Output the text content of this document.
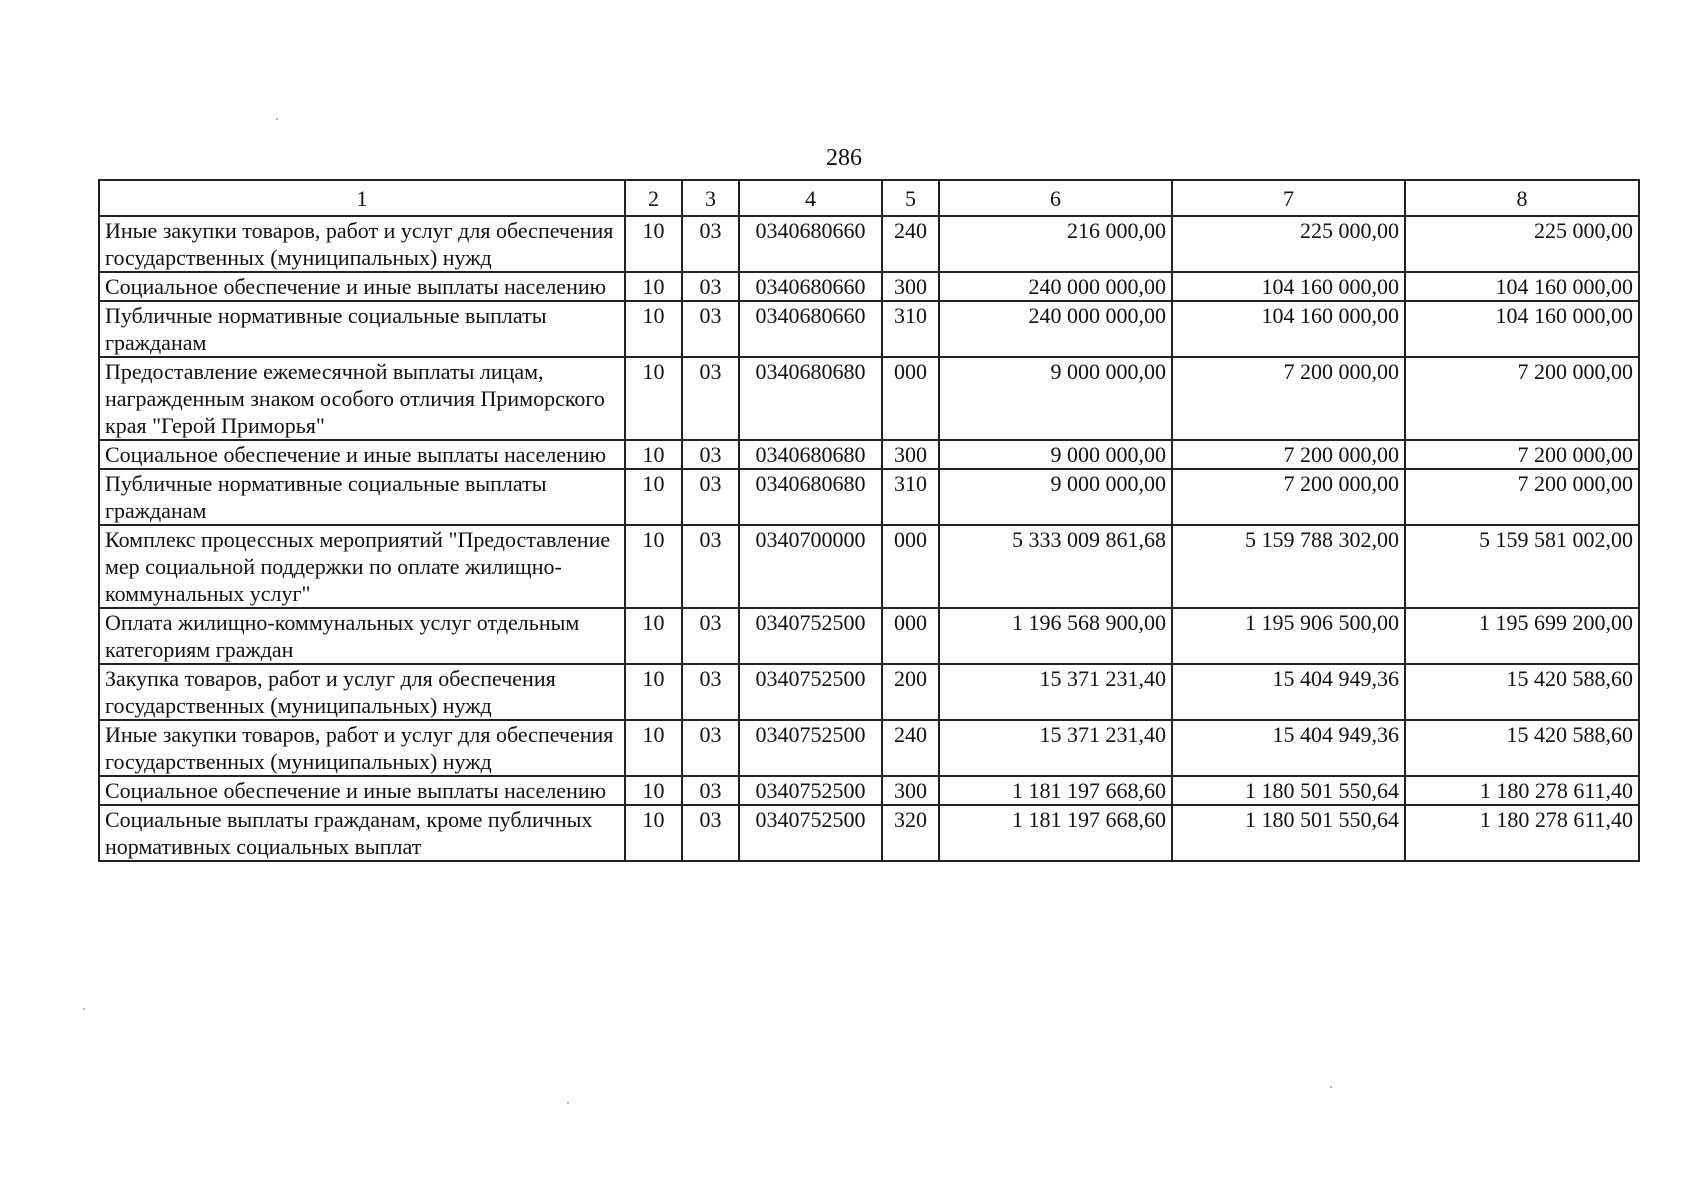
286
1	2	3	4	5	6	7	8
Иные закупки товаров, работ и услуг для обеспечения государственных (муниципальных) нужд	10	03	0340680660	240	216 000,00	225 000,00	225 000,00
Социальное обеспечение и иные выплаты населению	10	03	0340680660	300	240 000 000,00	104 160 000,00	104 160 000,00
Публичные нормативные социальные выплаты гражданам	10	03	0340680660	310	240 000 000,00	104 160 000,00	104 160 000,00
Предоставление ежемесячной выплаты лицам, награжденным знаком особого отличия Приморского края "Герой Приморья"	10	03	0340680680	000	9 000 000,00	7 200 000,00	7 200 000,00
Социальное обеспечение и иные выплаты населению	10	03	0340680680	300	9 000 000,00	7 200 000,00	7 200 000,00
Публичные нормативные социальные выплаты гражданам	10	03	0340680680	310	9 000 000,00	7 200 000,00	7 200 000,00
Комплекс процессных мероприятий "Предоставление мер социальной поддержки по оплате жилищно-коммунальных услуг"	10	03	0340700000	000	5 333 009 861,68	5 159 788 302,00	5 159 581 002,00
Оплата жилищно-коммунальных услуг отдельным категориям граждан	10	03	0340752500	000	1 196 568 900,00	1 195 906 500,00	1 195 699 200,00
Закупка товаров, работ и услуг для обеспечения государственных (муниципальных) нужд	10	03	0340752500	200	15 371 231,40	15 404 949,36	15 420 588,60
Иные закупки товаров, работ и услуг для обеспечения государственных (муниципальных) нужд	10	03	0340752500	240	15 371 231,40	15 404 949,36	15 420 588,60
Социальное обеспечение и иные выплаты населению	10	03	0340752500	300	1 181 197 668,60	1 180 501 550,64	1 180 278 611,40
Социальные выплаты гражданам, кроме публичных нормативных социальных выплат	10	03	0340752500	320	1 181 197 668,60	1 180 501 550,64	1 180 278 611,40
